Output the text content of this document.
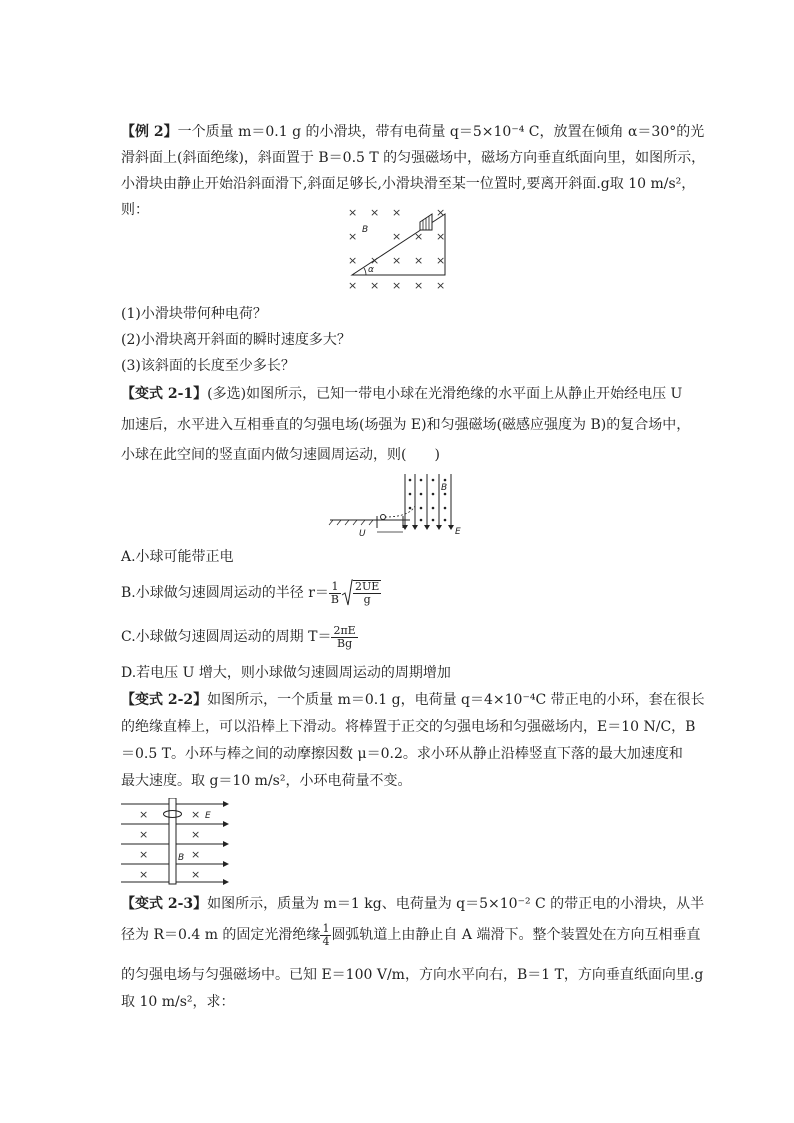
【例 2】一个质量 m＝0.1 g 的小滑块，带有电荷量 q＝5×10⁻⁴ C，放置在倾角 α＝30°的光
滑斜面上(斜面绝缘)，斜面置于 B＝0.5 T 的匀强磁场中，磁场方向垂直纸面向里，如图所示，
小滑块由静止开始沿斜面滑下,斜面足够长,小滑块滑至某一位置时,要离开斜面.g取 10 m/s²，
则：	× × ×	×
×	× × ×
× × × × ×
× × × × ×
α
B
(1)小滑块带何种电荷？
(2)小滑块离开斜面的瞬时速度多大？
(3)该斜面的长度至少多长？
【变式 2-1】(多选)如图所示，已知一带电小球在光滑绝缘的水平面上从静止开始经电压 U
加速后，水平进入互相垂直的匀强电场(场强为 E)和匀强磁场(磁感应强度为 B)的复合场中，
小球在此空间的竖直面内做匀速圆周运动，则(　　)
U
B
E
A.小球可能带正电
B.小球做匀速圆周运动的半径 $r= \frac{1}{B} \frac{2UE}{g}$
C.小球做匀速圆周运动的周期 $T= \frac{2\pi E}{Bg}$
D.若电压 U 增大，则小球做匀速圆周运动的周期增加
【变式 2-2】如图所示，一个质量 m＝0.1 g，电荷量 q＝4×10⁻⁴C 带正电的小环，套在很长
的绝缘直棒上，可以沿棒上下滑动。将棒置于正交的匀强电场和匀强磁场内，E＝10 N/C，B
＝0.5 T。小环与棒之间的动摩擦因数 μ＝0.2。求小环从静止沿棒竖直下落的最大加速度和
最大速度。取 g＝10 m/s²，小环电荷量不变。
×	×
×	×
×	×
×	×
E
B
【变式 2-3】如图所示，质量为 m＝1 kg、电荷量为 q＝5×10⁻² C 的带正电的小滑块，从半
径为 R＝0.4 m 的固定光滑绝缘 $\frac{1}{4}$ 圆弧轨道上由静止自 A 端滑下。整个装置处在方向互相垂直
的匀强电场与匀强磁场中。已知 E＝100 V/m，方向水平向右，B＝1 T，方向垂直纸面向里.g
取 10 m/s²，求：
